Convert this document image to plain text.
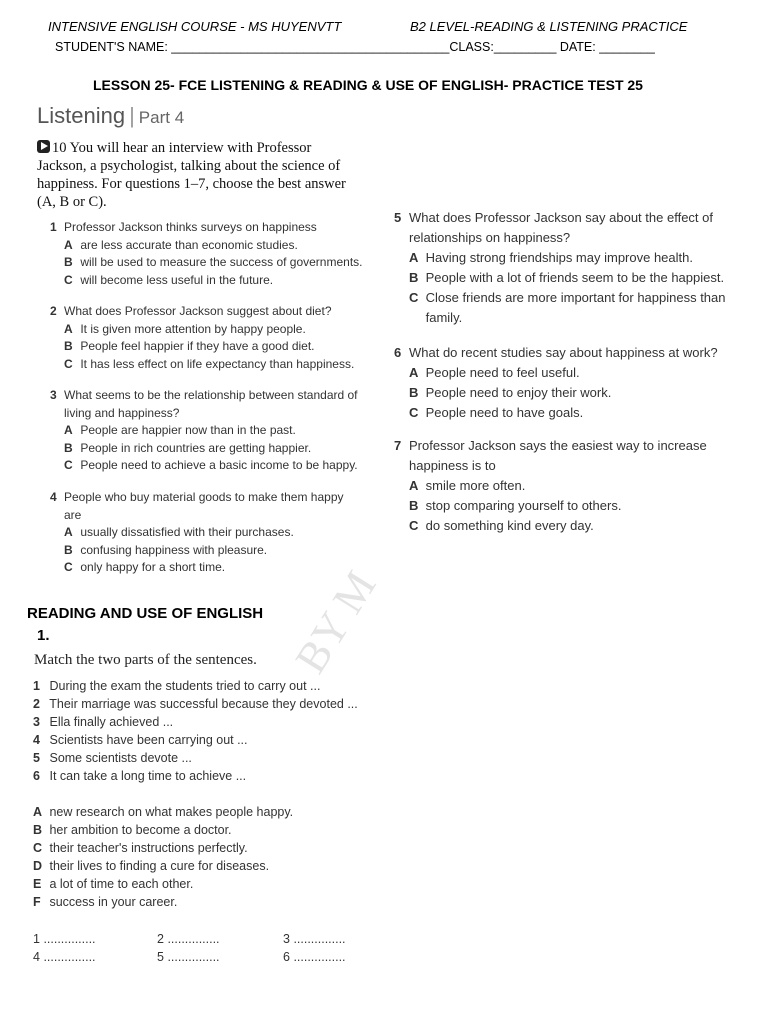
BY M
INTENSIVE ENGLISH COURSE - MS HUYENVTT	B2 LEVEL-READING & LISTENING PRACTICE
STUDENT'S NAME: ________________________________________CLASS:_________ DATE: ________
LESSON 25- FCE LISTENING & READING & USE OF ENGLISH- PRACTICE TEST 25
Listening | Part 4
10 You will hear an interview with Professor Jackson, a psychologist, talking about the science of happiness. For questions 1–7, choose the best answer (A, B or C).
1 Professor Jackson thinks surveys on happiness
A are less accurate than economic studies.
B will be used to measure the success of governments.
C will become less useful in the future.
2 What does Professor Jackson suggest about diet?
A It is given more attention by happy people.
B People feel happier if they have a good diet.
C It has less effect on life expectancy than happiness.
3 What seems to be the relationship between standard of living and happiness?
A People are happier now than in the past.
B People in rich countries are getting happier.
C People need to achieve a basic income to be happy.
4 People who buy material goods to make them happy are
A usually dissatisfied with their purchases.
B confusing happiness with pleasure.
C only happy for a short time.
5 What does Professor Jackson say about the effect of relationships on happiness?
A Having strong friendships may improve health.
B People with a lot of friends seem to be the happiest.
C
Close friends are more important for happiness than family.
6 What do recent studies say about happiness at work?
A People need to feel useful.
B People need to enjoy their work.
C People need to have goals.
7 Professor Jackson says the easiest way to increase happiness is to
A smile more often.
B stop comparing yourself to others.
C do something kind every day.
READING AND USE OF ENGLISH
1.
Match the two parts of the sentences.
1 During the exam the students tried to carry out ...
2 Their marriage was successful because they devoted ...
3 Ella finally achieved ...
4 Scientists have been carrying out ...
5 Some scientists devote ...
6 It can take a long time to achieve ...
A new research on what makes people happy.
B her ambition to become a doctor.
C their teacher's instructions perfectly.
D their lives to finding a cure for diseases.
E a lot of time to each other.
F success in your career.
1 ...............	2 ...............	3 ...............
4 ...............	5 ...............	6 ...............
